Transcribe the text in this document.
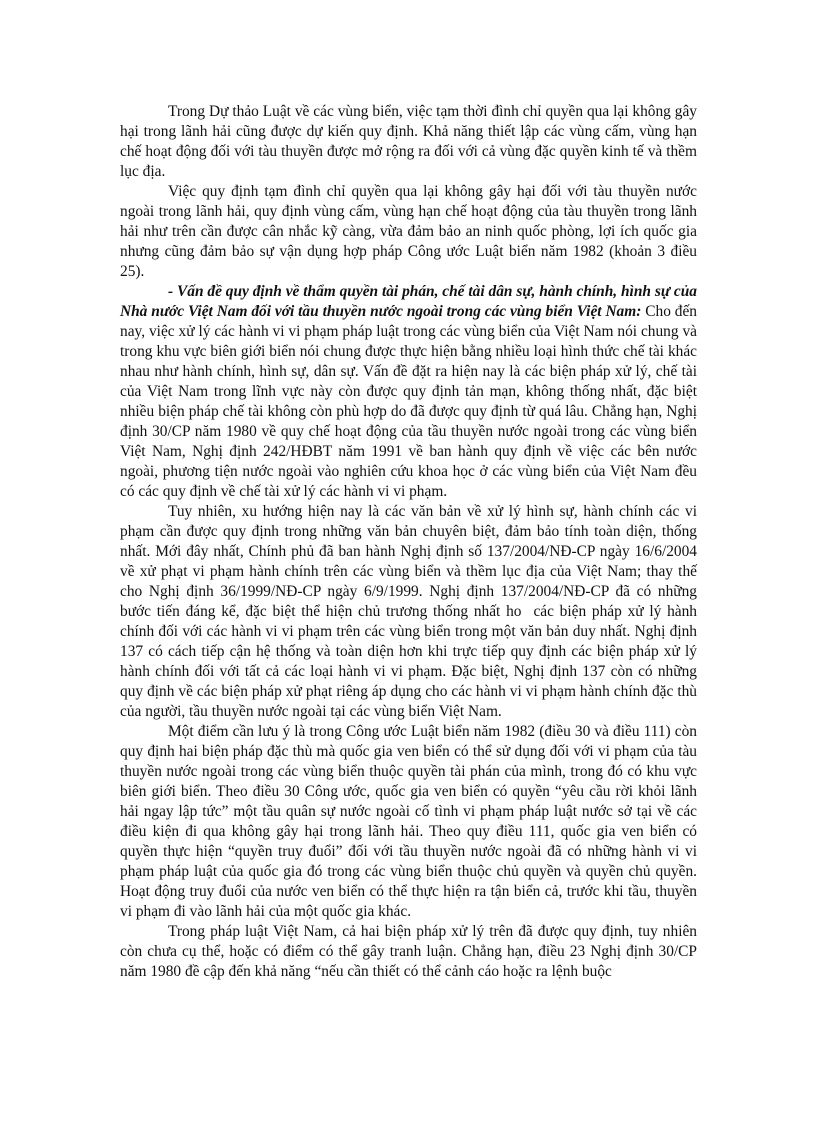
Trong Dự thảo Luật về các vùng biển, việc tạm thời đình chỉ quyền qua lại không gây hại trong lãnh hải cũng được dự kiến quy định. Khả năng thiết lập các vùng cấm, vùng hạn chế hoạt động đối với tàu thuyền được mở rộng ra đối với cả vùng đặc quyền kinh tế và thềm lục địa.

Việc quy định tạm đình chỉ quyền qua lại không gây hại đối với tàu thuyền nước ngoài trong lãnh hải, quy định vùng cấm, vùng hạn chế hoạt động của tàu thuyền trong lãnh hải như trên cần được cân nhắc kỹ càng, vừa đảm bảo an ninh quốc phòng, lợi ích quốc gia nhưng cũng đảm bảo sự vận dụng hợp pháp Công ước Luật biển năm 1982 (khoản 3 điều 25).

- Vấn đề quy định về thẩm quyền tài phán, chế tài dân sự, hành chính, hình sự của Nhà nước Việt Nam đối với tầu thuyền nước ngoài trong các vùng biển Việt Nam: Cho đến nay, việc xử lý các hành vi vi phạm pháp luật trong các vùng biển của Việt Nam nói chung và trong khu vực biên giới biển nói chung được thực hiện bằng nhiều loại hình thức chế tài khác nhau như hành chính, hình sự, dân sự. Vấn đề đặt ra hiện nay là các biện pháp xử lý, chế tài của Việt Nam trong lĩnh vực này còn được quy định tản mạn, không thống nhất, đặc biệt nhiều biện pháp chế tài không còn phù hợp do đã được quy định từ quá lâu. Chẳng hạn, Nghị định 30/CP năm 1980 về quy chế hoạt động của tầu thuyền nước ngoài trong các vùng biển Việt Nam, Nghị định 242/HĐBT năm 1991 về ban hành quy định về việc các bên nước ngoài, phương tiện nước ngoài vào nghiên cứu khoa học ở các vùng biển của Việt Nam đều có các quy định về chế tài xử lý các hành vi vi phạm.

Tuy nhiên, xu hướng hiện nay là các văn bản về xử lý hình sự, hành chính các vi phạm cần được quy định trong những văn bản chuyên biệt, đảm bảo tính toàn diện, thống nhất. Mới đây nhất, Chính phủ đã ban hành Nghị định số 137/2004/NĐ-CP ngày 16/6/2004 về xử phạt vi phạm hành chính trên các vùng biển và thềm lục địa của Việt Nam; thay thế cho Nghị định 36/1999/NĐ-CP ngày 6/9/1999. Nghị định 137/2004/NĐ-CP đã có những bước tiến đáng kể, đặc biệt thể hiện chủ trương thống nhất ho các biện pháp xử lý hành chính đối với các hành vi vi phạm trên các vùng biển trong một văn bản duy nhất. Nghị định 137 có cách tiếp cận hệ thống và toàn diện hơn khi trực tiếp quy định các biện pháp xử lý hành chính đối với tất cả các loại hành vi vi phạm. Đặc biệt, Nghị định 137 còn có những quy định về các biện pháp xử phạt riêng áp dụng cho các hành vi vi phạm hành chính đặc thù của người, tầu thuyền nước ngoài tại các vùng biển Việt Nam.

Một điểm cần lưu ý là trong Công ước Luật biển năm 1982 (điều 30 và điều 111) còn quy định hai biện pháp đặc thù mà quốc gia ven biển có thể sử dụng đối với vi phạm của tàu thuyền nước ngoài trong các vùng biển thuộc quyền tài phán của mình, trong đó có khu vực biên giới biển. Theo điều 30 Công ước, quốc gia ven biển có quyền “yêu cầu rời khỏi lãnh hải ngay lập tức” một tầu quân sự nước ngoài cố tình vi phạm pháp luật nước sở tại về các điều kiện đi qua không gây hại trong lãnh hải. Theo quy điều 111, quốc gia ven biển có quyền thực hiện “quyền truy đuổi” đối với tầu thuyền nước ngoài đã có những hành vi vi phạm pháp luật của quốc gia đó trong các vùng biển thuộc chủ quyền và quyền chủ quyền. Hoạt động truy đuổi của nước ven biển có thể thực hiện ra tận biển cả, trước khi tầu, thuyền vi phạm đi vào lãnh hải của một quốc gia khác.

Trong pháp luật Việt Nam, cả hai biện pháp xử lý trên đã được quy định, tuy nhiên còn chưa cụ thể, hoặc có điểm có thể gây tranh luận. Chẳng hạn, điều 23 Nghị định 30/CP năm 1980 đề cập đến khả năng “nếu cần thiết có thể cảnh cáo hoặc ra lệnh buộc
